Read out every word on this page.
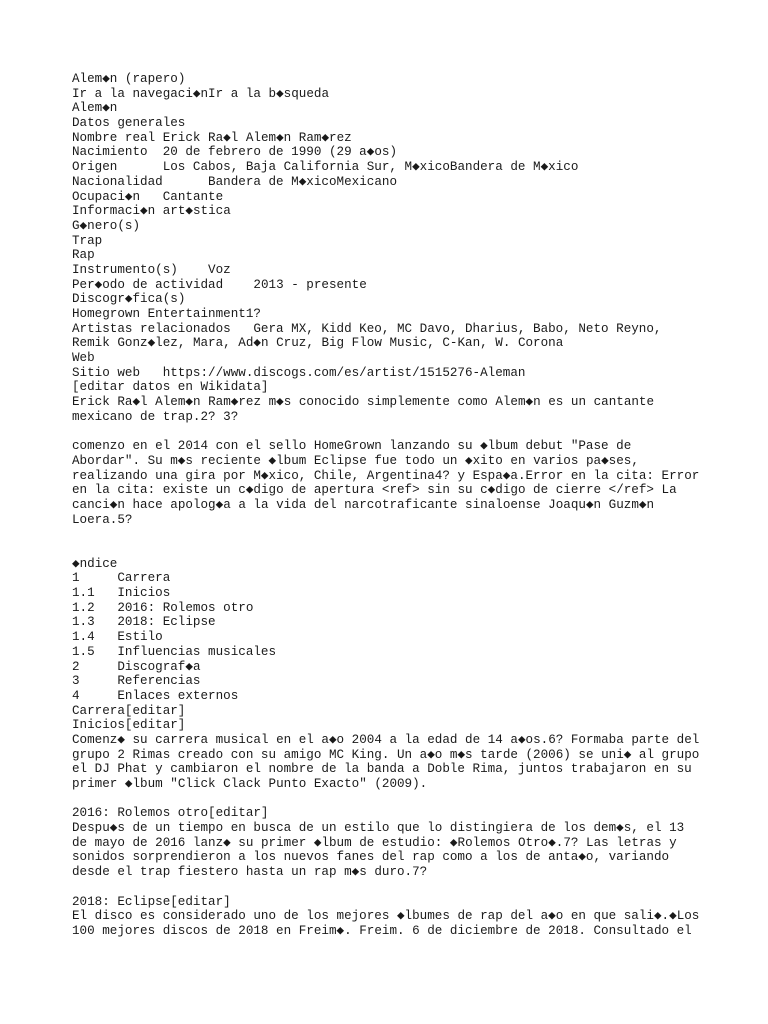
Alem◆n (rapero)
Ir a la navegaci◆nIr a la b◆squeda
Alem◆n
Datos generales
Nombre real Erick Ra◆l Alem◆n Ram◆rez
Nacimiento  20 de febrero de 1990 (29 a◆os)
Origen      Los Cabos, Baja California Sur, M◆xicoBandera de M◆xico
Nacionalidad      Bandera de M◆xicoMexicano
Ocupaci◆n   Cantante
Informaci◆n art◆stica
G◆nero(s)
Trap
Rap
Instrumento(s)    Voz
Per◆odo de actividad    2013 - presente
Discogr◆fica(s)
Homegrown Entertainment1?
Artistas relacionados   Gera MX, Kidd Keo, MC Davo, Dharius, Babo, Neto Reyno,
Remik Gonz◆lez, Mara, Ad◆n Cruz, Big Flow Music, C-Kan, W. Corona
Web
Sitio web   https://www.discogs.com/es/artist/1515276-Aleman
[editar datos en Wikidata]
Erick Ra◆l Alem◆n Ram◆rez m◆s conocido simplemente como Alem◆n es un cantante
mexicano de trap.2? 3?
comenzo en el 2014 con el sello HomeGrown lanzando su ◆lbum debut "Pase de
Abordar". Su m◆s reciente ◆lbum Eclipse fue todo un ◆xito en varios pa◆ses,
realizando una gira por M◆xico, Chile, Argentina4? y Espa◆a.Error en la cita: Error
en la cita: existe un c◆digo de apertura <ref> sin su c◆digo de cierre </ref> La
canci◆n hace apolog◆a a la vida del narcotraficante sinaloense Joaqu◆n Guzm◆n
Loera.5?
◆ndice
1     Carrera
1.1   Inicios
1.2   2016: Rolemos otro
1.3   2018: Eclipse
1.4   Estilo
1.5   Influencias musicales
2     Discograf◆a
3     Referencias
4     Enlaces externos
Carrera[editar]
Inicios[editar]
Comenz◆ su carrera musical en el a◆o 2004 a la edad de 14 a◆os.6? Formaba parte del
grupo 2 Rimas creado con su amigo MC King. Un a◆o m◆s tarde (2006) se uni◆ al grupo
el DJ Phat y cambiaron el nombre de la banda a Doble Rima, juntos trabajaron en su
primer ◆lbum "Click Clack Punto Exacto" (2009).
2016: Rolemos otro[editar]
Despu◆s de un tiempo en busca de un estilo que lo distingiera de los dem◆s, el 13
de mayo de 2016 lanz◆ su primer ◆lbum de estudio: ◆Rolemos Otro◆.7? Las letras y
sonidos sorprendieron a los nuevos fanes del rap como a los de anta◆o, variando
desde el trap fiestero hasta un rap m◆s duro.7?
2018: Eclipse[editar]
El disco es considerado uno de los mejores ◆lbumes de rap del a◆o en que sali◆.◆Los
100 mejores discos de 2018 en Freim◆. Freim. 6 de diciembre de 2018. Consultado el
